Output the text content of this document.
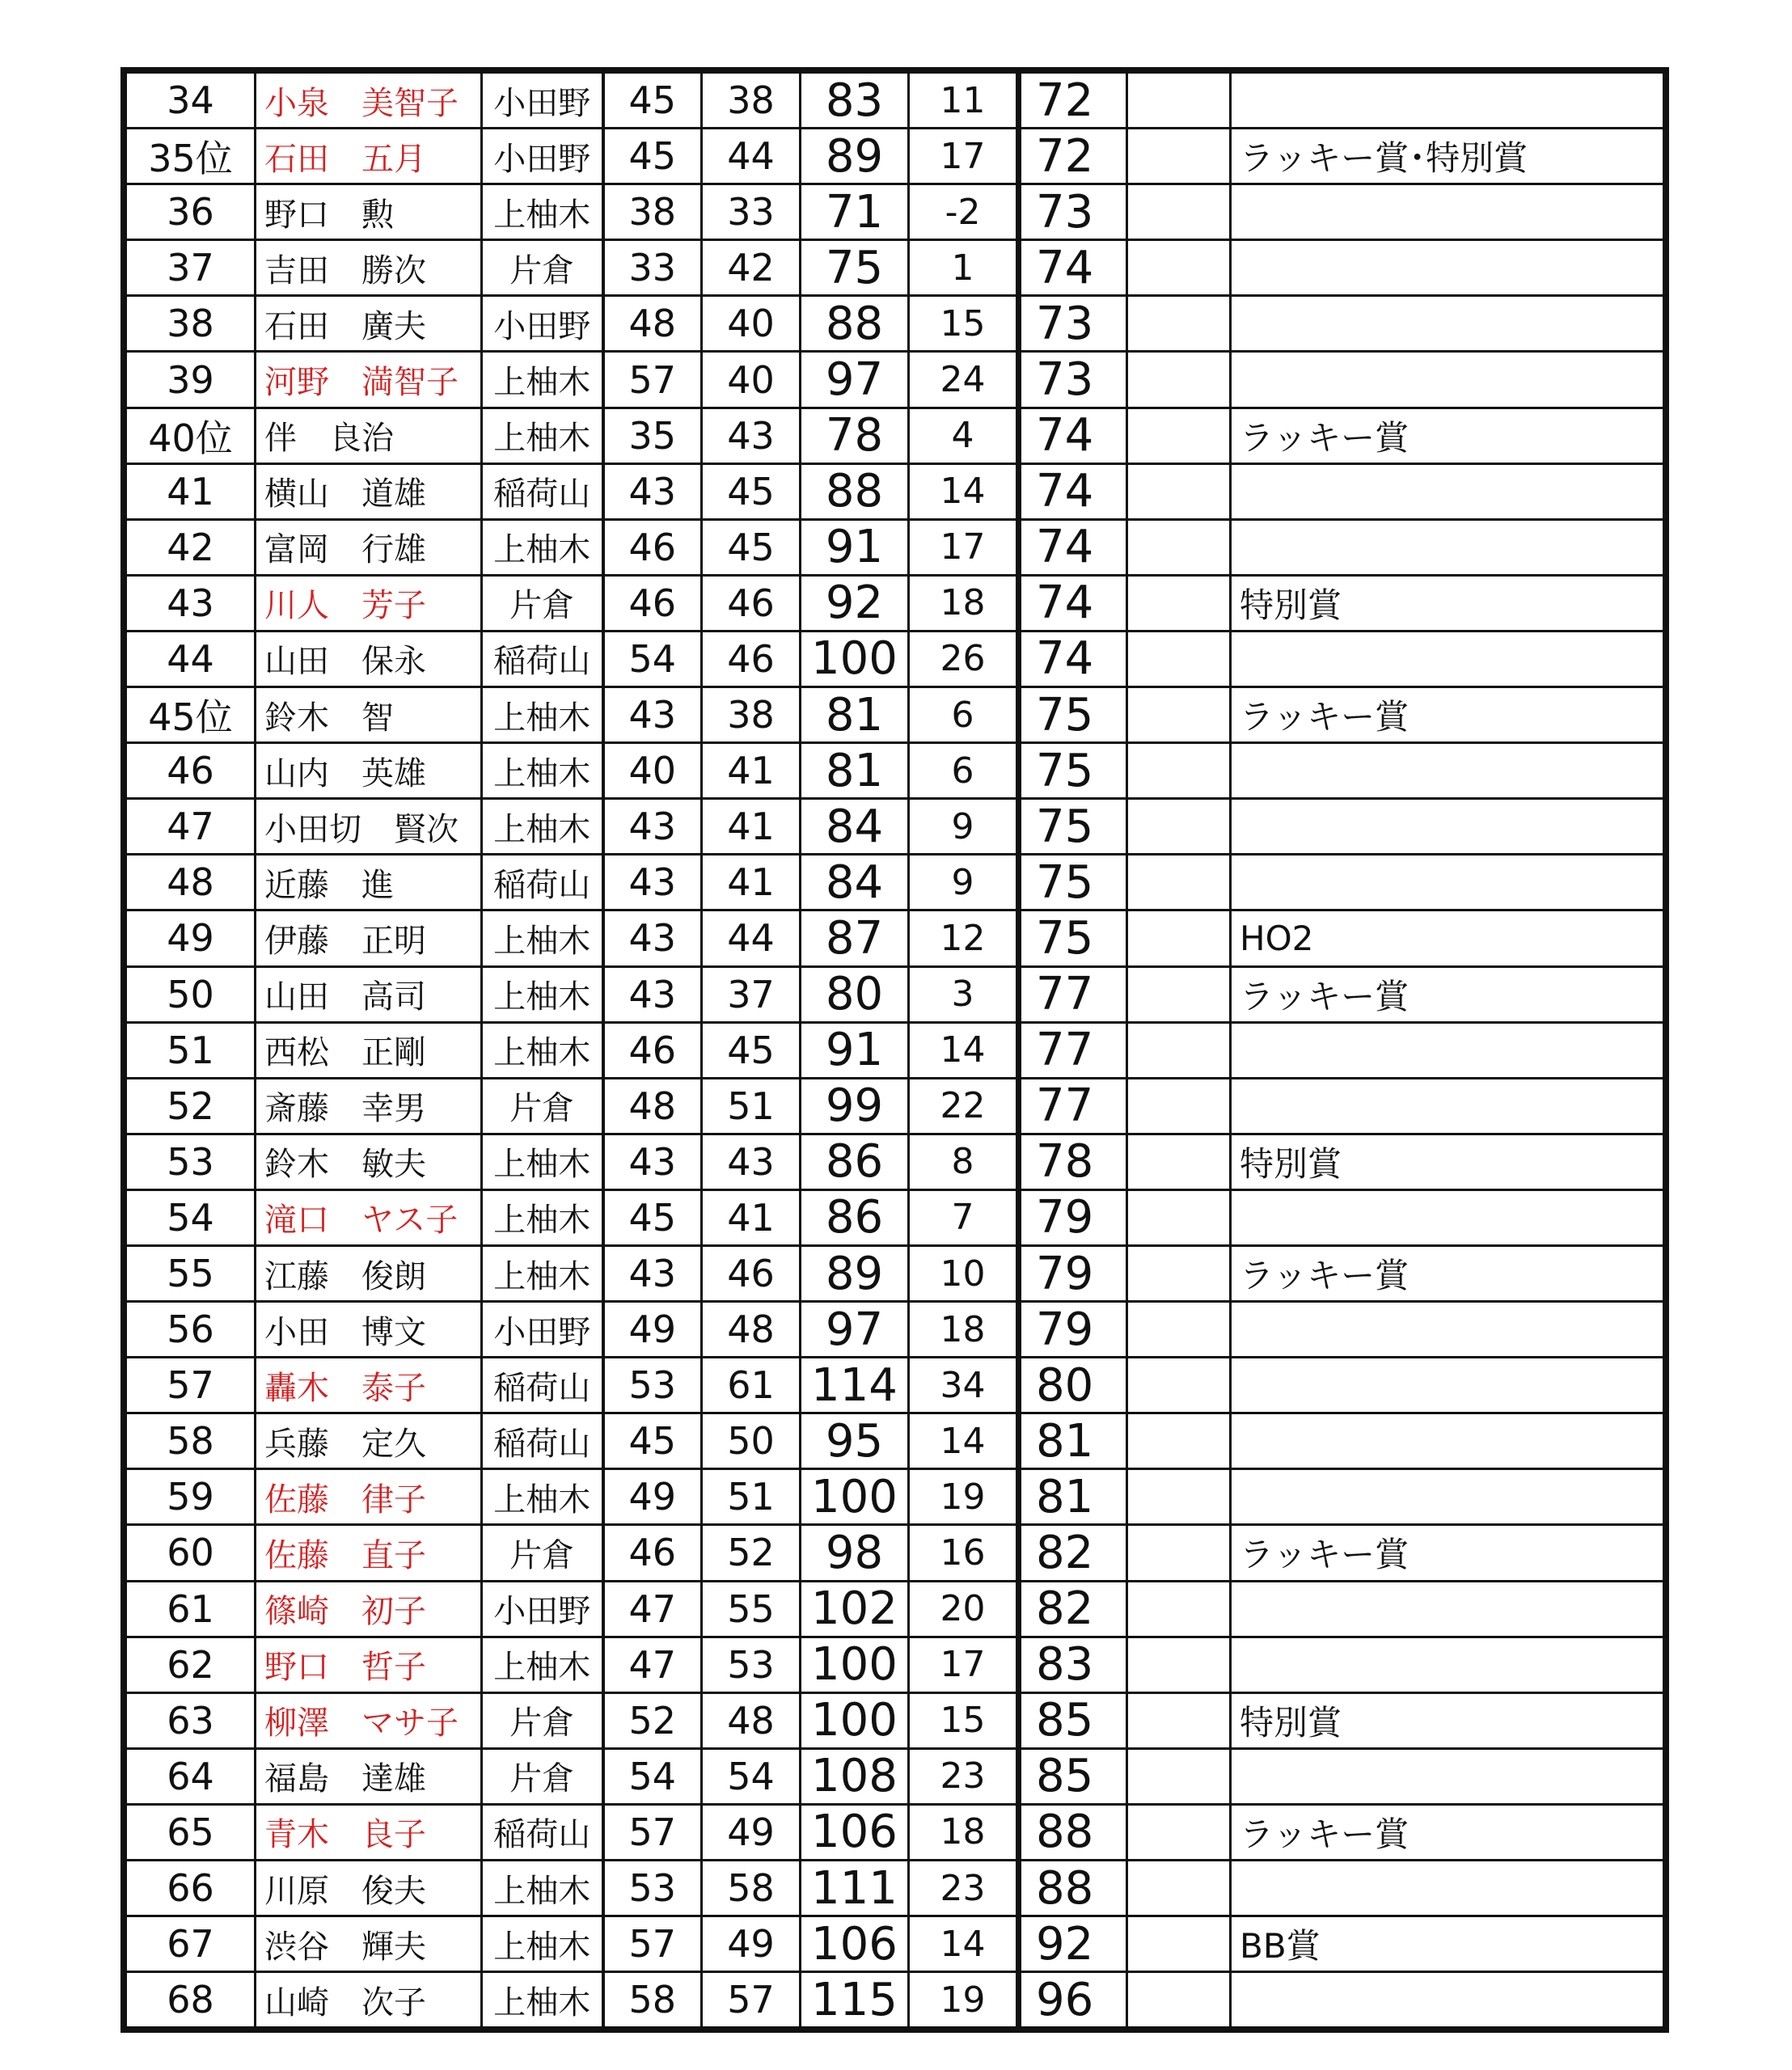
34	小泉　美智子	小田野	45	38	83	11	72		
35位	石田　五月	小田野	45	44	89	17	72		ラッキー賞･特別賞
36	野口　勲	上柚木	38	33	71	-2	73		
37	吉田　勝次	片倉	33	42	75	1	74		
38	石田　廣夫	小田野	48	40	88	15	73		
39	河野　満智子	上柚木	57	40	97	24	73		
40位	伴　良治	上柚木	35	43	78	4	74		ラッキー賞
41	横山　道雄	稲荷山	43	45	88	14	74		
42	富岡　行雄	上柚木	46	45	91	17	74		
43	川人　芳子	片倉	46	46	92	18	74		特別賞
44	山田　保永	稲荷山	54	46	100	26	74		
45位	鈴木　智	上柚木	43	38	81	6	75		ラッキー賞
46	山内　英雄	上柚木	40	41	81	6	75		
47	小田切　賢次	上柚木	43	41	84	9	75		
48	近藤　進	稲荷山	43	41	84	9	75		
49	伊藤　正明	上柚木	43	44	87	12	75		HO2
50	山田　高司	上柚木	43	37	80	3	77		ラッキー賞
51	西松　正剛	上柚木	46	45	91	14	77		
52	斎藤　幸男	片倉	48	51	99	22	77		
53	鈴木　敏夫	上柚木	43	43	86	8	78		特別賞
54	滝口　ヤス子	上柚木	45	41	86	7	79		
55	江藤　俊朗	上柚木	43	46	89	10	79		ラッキー賞
56	小田　博文	小田野	49	48	97	18	79		
57	轟木　泰子	稲荷山	53	61	114	34	80		
58	兵藤　定久	稲荷山	45	50	95	14	81		
59	佐藤　律子	上柚木	49	51	100	19	81		
60	佐藤　直子	片倉	46	52	98	16	82		ラッキー賞
61	篠崎　初子	小田野	47	55	102	20	82		
62	野口　哲子	上柚木	47	53	100	17	83		
63	柳澤　マサ子	片倉	52	48	100	15	85		特別賞
64	福島　達雄	片倉	54	54	108	23	85		
65	青木　良子	稲荷山	57	49	106	18	88		ラッキー賞
66	川原　俊夫	上柚木	53	58	111	23	88		
67	渋谷　輝夫	上柚木	57	49	106	14	92		BB賞
68	山崎　次子	上柚木	58	57	115	19	96		
